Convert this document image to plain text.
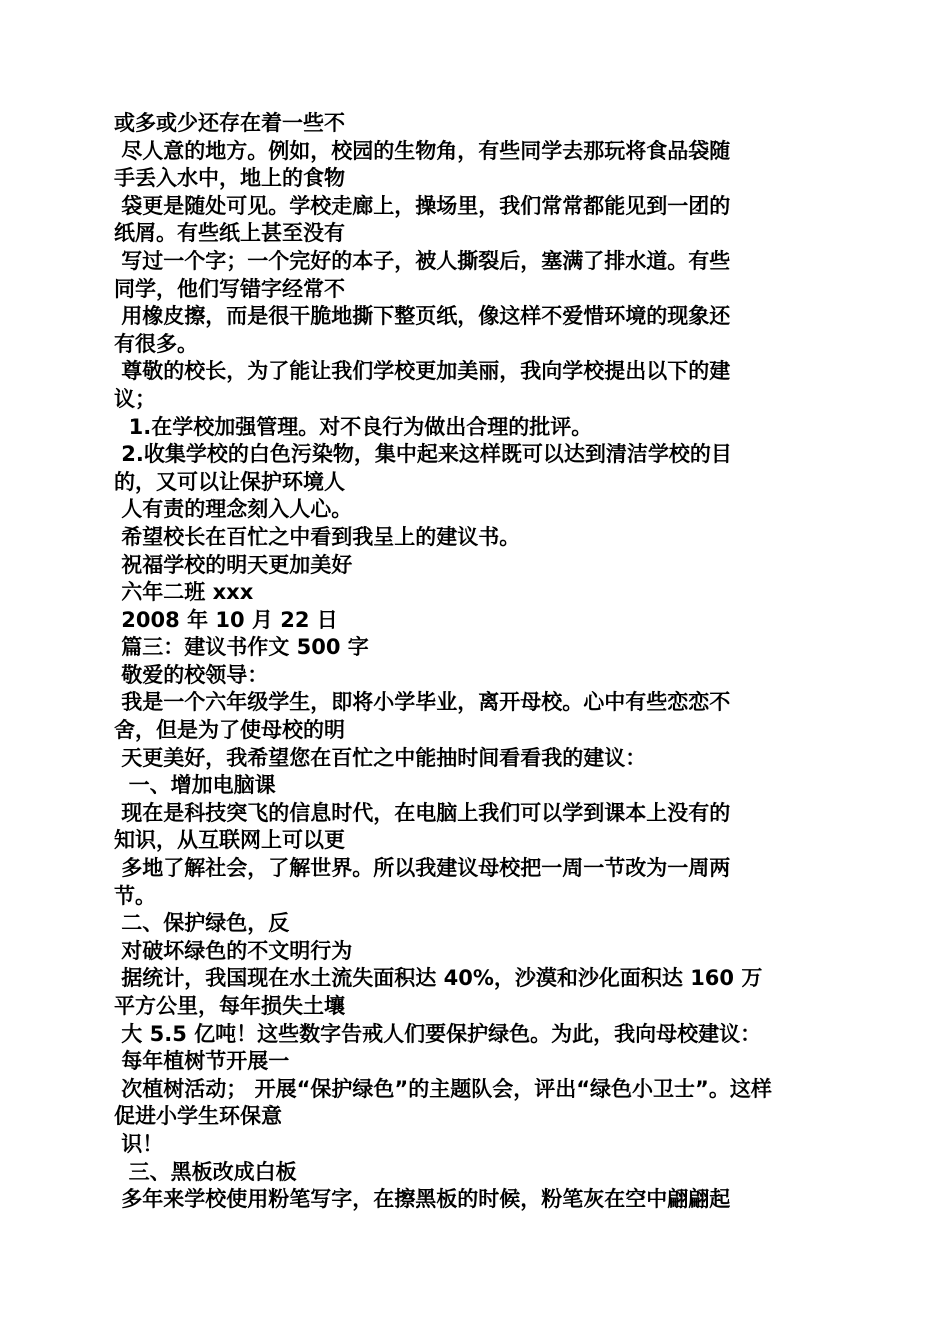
或多或少还存在着一些不
尽人意的地方。例如，校园的生物角，有些同学去那玩将食品袋随
手丢入水中，地上的食物
袋更是随处可见。学校走廊上，操场里，我们常常都能见到一团的
纸屑。有些纸上甚至没有
写过一个字；一个完好的本子，被人撕裂后，塞满了排水道。有些
同学，他们写错字经常不
用橡皮擦，而是很干脆地撕下整页纸，像这样不爱惜环境的现象还
有很多。
尊敬的校长，为了能让我们学校更加美丽，我向学校提出以下的建
议；
1.在学校加强管理。对不良行为做出合理的批评。
2.收集学校的白色污染物，集中起来这样既可以达到清洁学校的目
的，又可以让保护环境人
人有责的理念刻入人心。
希望校长在百忙之中看到我呈上的建议书。
祝福学校的明天更加美好
六年二班 xxx
2008 年 10 月 22 日
篇三：建议书作文 500 字
敬爱的校领导：
我是一个六年级学生，即将小学毕业，离开母校。心中有些恋恋不
舍，但是为了使母校的明
天更美好，我希望您在百忙之中能抽时间看看我的建议：
一、增加电脑课
现在是科技突飞的信息时代，在电脑上我们可以学到课本上没有的
知识，从互联网上可以更
多地了解社会，了解世界。所以我建议母校把一周一节改为一周两
节。
二、保护绿色，反
对破坏绿色的不文明行为
据统计，我国现在水土流失面积达 40%，沙漠和沙化面积达 160 万
平方公里，每年损失土壤
大 5.5 亿吨！这些数字告戒人们要保护绿色。为此，我向母校建议：
每年植树节开展一
次植树活动； 开展“保护绿色”的主题队会，评出“绿色小卫士”。这样
促进小学生环保意
识！
三、黑板改成白板
多年来学校使用粉笔写字，在擦黑板的时候，粉笔灰在空中翩翩起
